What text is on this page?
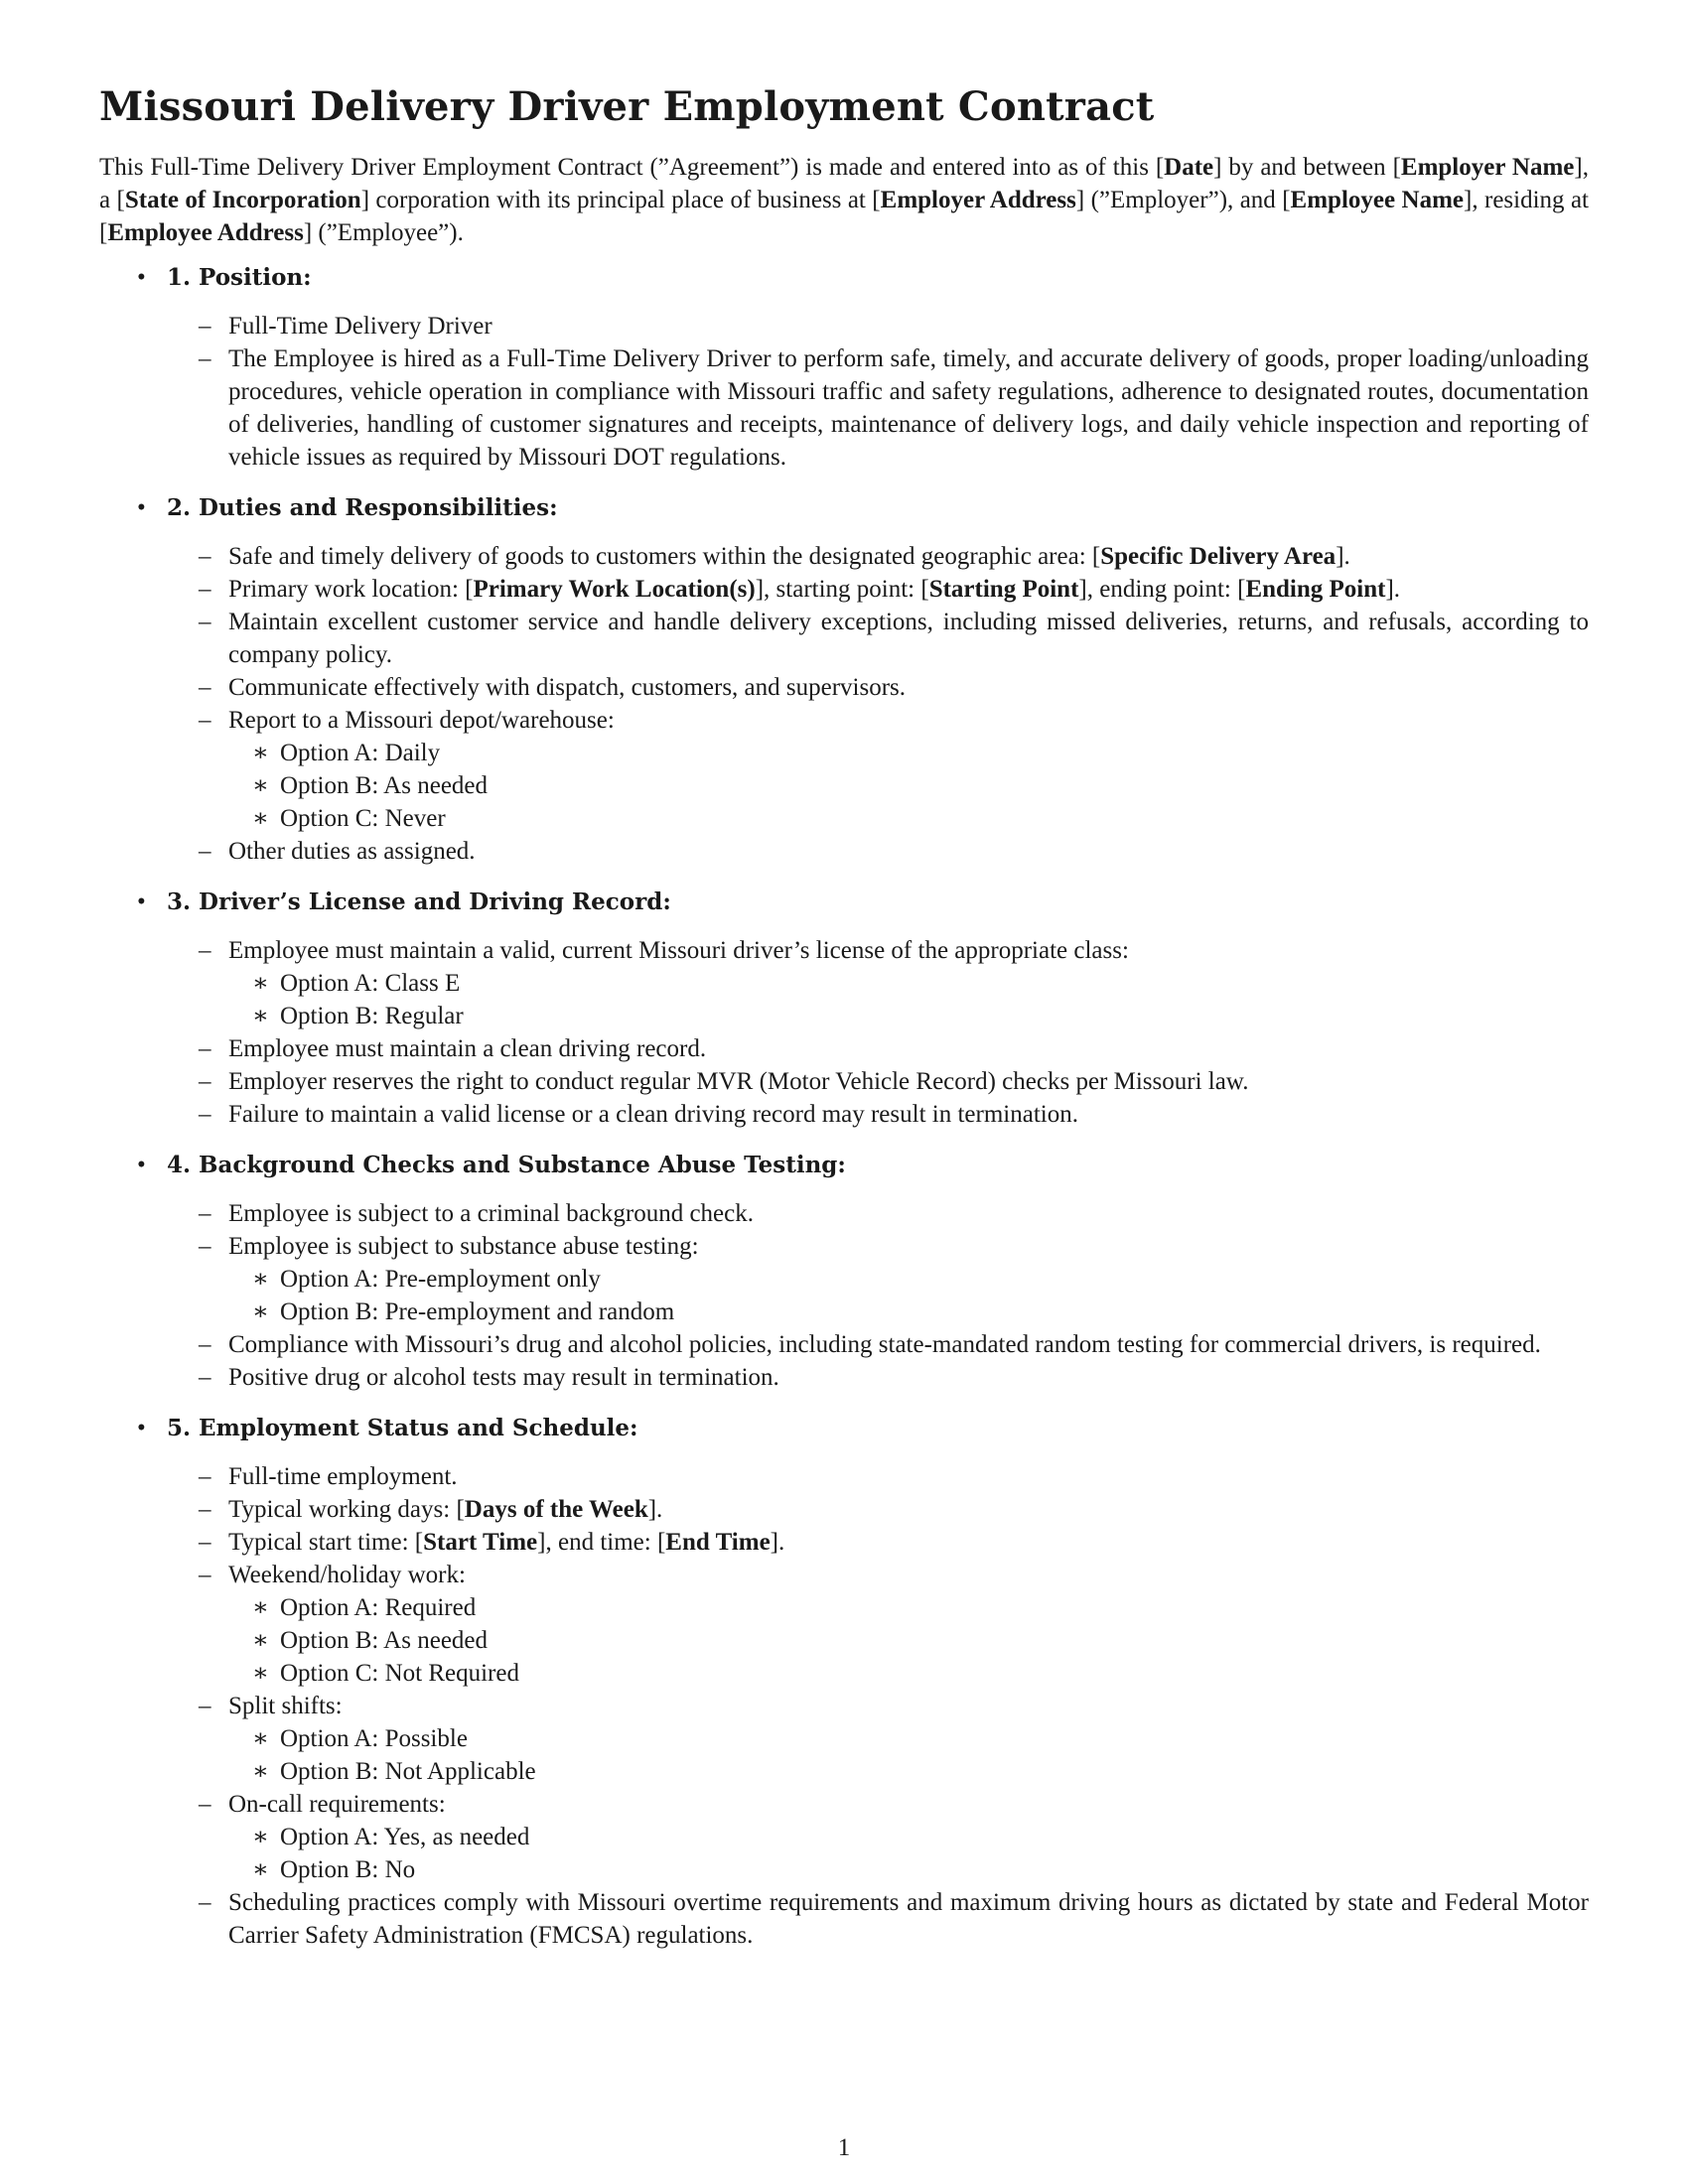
Missouri Delivery Driver Employment Contract

This Full-Time Delivery Driver Employment Contract (”Agreement”) is made and entered into as of this [Date] by and between [Employer Name], a [State of Incorporation] corporation with its principal place of business at [Employer Address] (”Employer”), and [Employee Name], residing at [Employee Address] (”Employee”).

• 1. Position:
– Full-Time Delivery Driver
– The Employee is hired as a Full-Time Delivery Driver to perform safe, timely, and accurate delivery of goods, proper loading/unloading procedures, vehicle operation in compliance with Missouri traffic and safety regulations, adherence to designated routes, documentation of deliveries, handling of customer signatures and receipts, maintenance of delivery logs, and daily vehicle inspection and reporting of vehicle issues as required by Missouri DOT regulations.
• 2. Duties and Responsibilities:
– Safe and timely delivery of goods to customers within the designated geographic area: [Specific Delivery Area].
– Primary work location: [Primary Work Location(s)], starting point: [Starting Point], ending point: [Ending Point].
– Maintain excellent customer service and handle delivery exceptions, including missed deliveries, returns, and refusals, according to company policy.
– Communicate effectively with dispatch, customers, and supervisors.
– Report to a Missouri depot/warehouse:
∗ Option A: Daily
∗ Option B: As needed
∗ Option C: Never
– Other duties as assigned.
• 3. Driver’s License and Driving Record:
– Employee must maintain a valid, current Missouri driver’s license of the appropriate class:
∗ Option A: Class E
∗ Option B: Regular
– Employee must maintain a clean driving record.
– Employer reserves the right to conduct regular MVR (Motor Vehicle Record) checks per Missouri law.
– Failure to maintain a valid license or a clean driving record may result in termination.
• 4. Background Checks and Substance Abuse Testing:
– Employee is subject to a criminal background check.
– Employee is subject to substance abuse testing:
∗ Option A: Pre-employment only
∗ Option B: Pre-employment and random
– Compliance with Missouri’s drug and alcohol policies, including state-mandated random testing for commercial drivers, is required.
– Positive drug or alcohol tests may result in termination.
• 5. Employment Status and Schedule:
– Full-time employment.
– Typical working days: [Days of the Week].
– Typical start time: [Start Time], end time: [End Time].
– Weekend/holiday work:
∗ Option A: Required
∗ Option B: As needed
∗ Option C: Not Required
– Split shifts:
∗ Option A: Possible
∗ Option B: Not Applicable
– On-call requirements:
∗ Option A: Yes, as needed
∗ Option B: No
– Scheduling practices comply with Missouri overtime requirements and maximum driving hours as dictated by state and Federal Motor Carrier Safety Administration (FMCSA) regulations.
1
